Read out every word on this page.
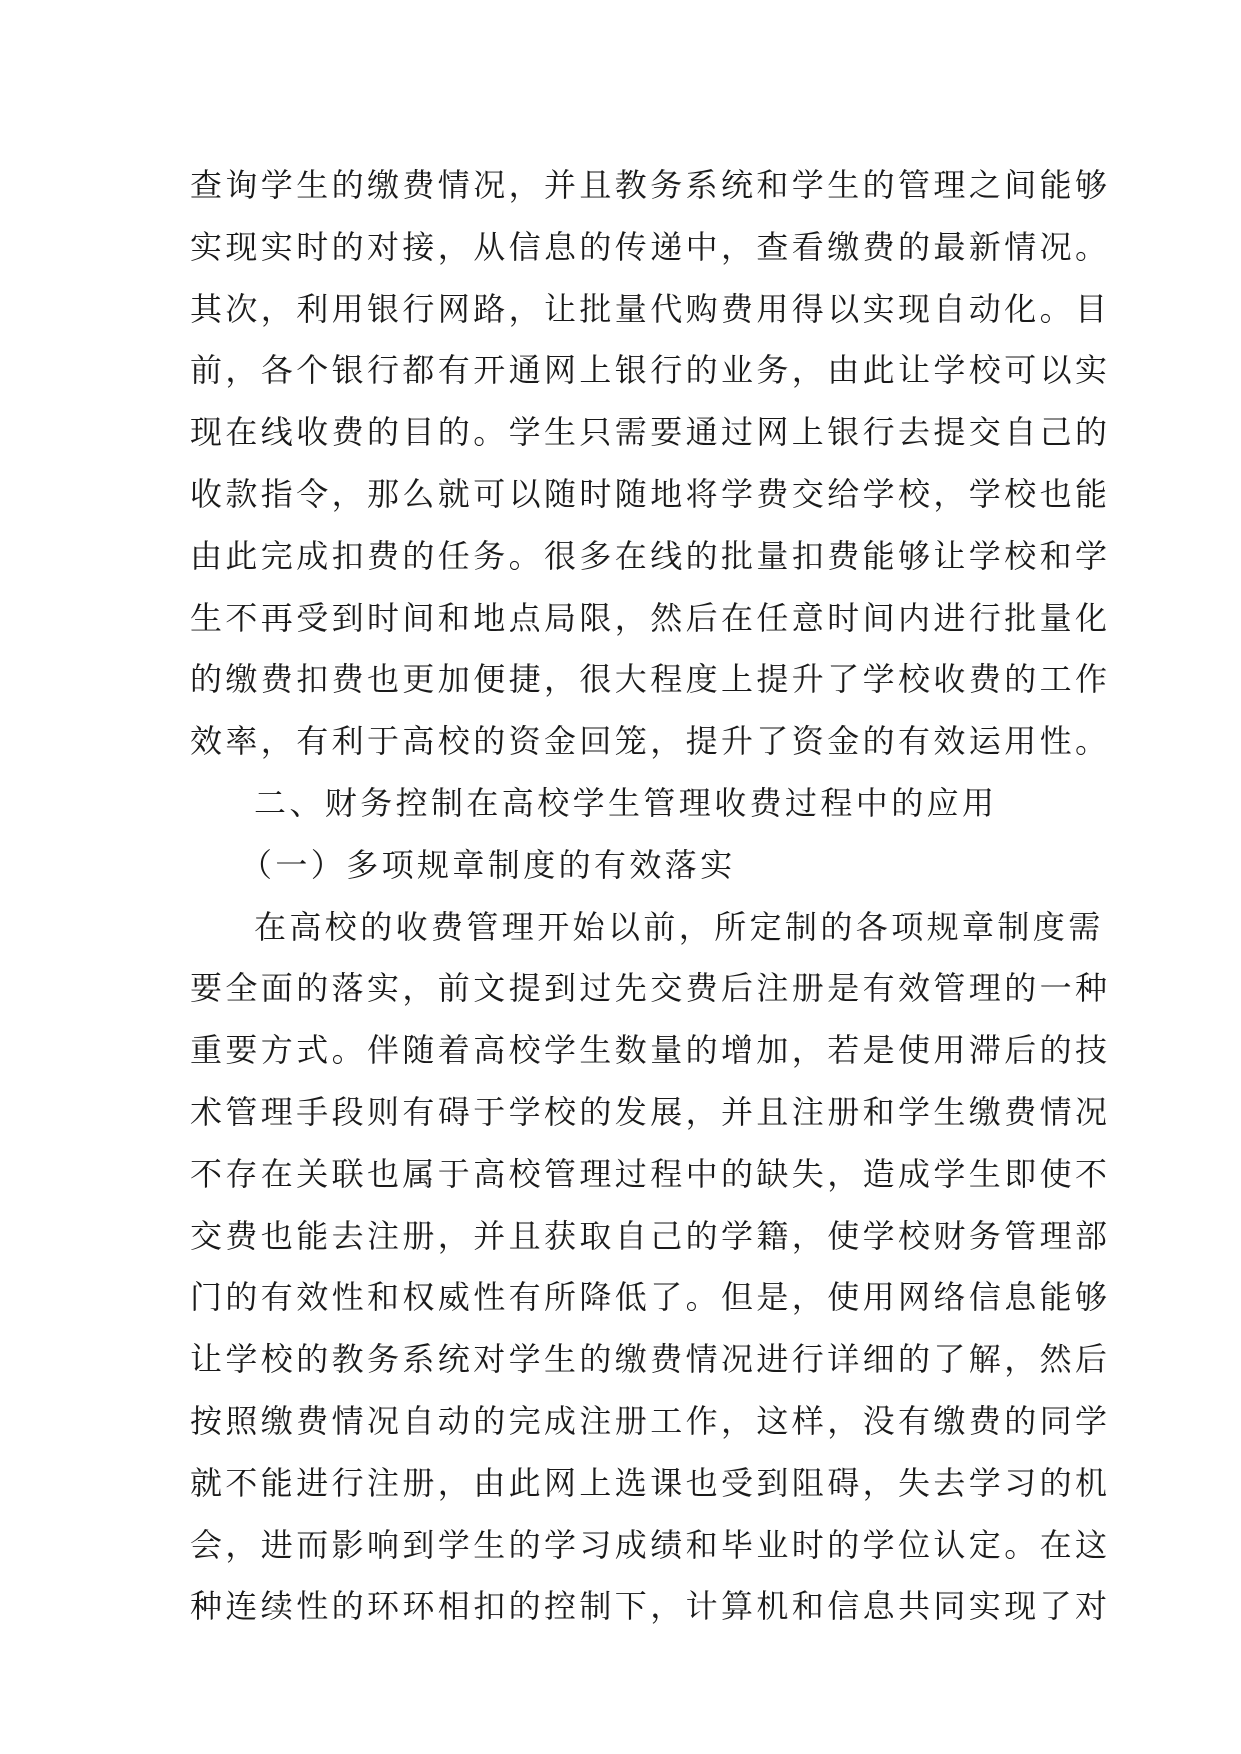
查询学生的缴费情况，并且教务系统和学生的管理之间能够
实现实时的对接，从信息的传递中，查看缴费的最新情况。
其次，利用银行网路，让批量代购费用得以实现自动化。目
前，各个银行都有开通网上银行的业务，由此让学校可以实
现在线收费的目的。学生只需要通过网上银行去提交自己的
收款指令，那么就可以随时随地将学费交给学校，学校也能
由此完成扣费的任务。很多在线的批量扣费能够让学校和学
生不再受到时间和地点局限，然后在任意时间内进行批量化
的缴费扣费也更加便捷，很大程度上提升了学校收费的工作
效率，有利于高校的资金回笼，提升了资金的有效运用性。
二、财务控制在高校学生管理收费过程中的应用
（一）多项规章制度的有效落实
在高校的收费管理开始以前，所定制的各项规章制度需
要全面的落实，前文提到过先交费后注册是有效管理的一种
重要方式。伴随着高校学生数量的增加，若是使用滞后的技
术管理手段则有碍于学校的发展，并且注册和学生缴费情况
不存在关联也属于高校管理过程中的缺失，造成学生即使不
交费也能去注册，并且获取自己的学籍，使学校财务管理部
门的有效性和权威性有所降低了。但是，使用网络信息能够
让学校的教务系统对学生的缴费情况进行详细的了解，然后
按照缴费情况自动的完成注册工作，这样，没有缴费的同学
就不能进行注册，由此网上选课也受到阻碍，失去学习的机
会，进而影响到学生的学习成绩和毕业时的学位认定。在这
种连续性的环环相扣的控制下，计算机和信息共同实现了对
